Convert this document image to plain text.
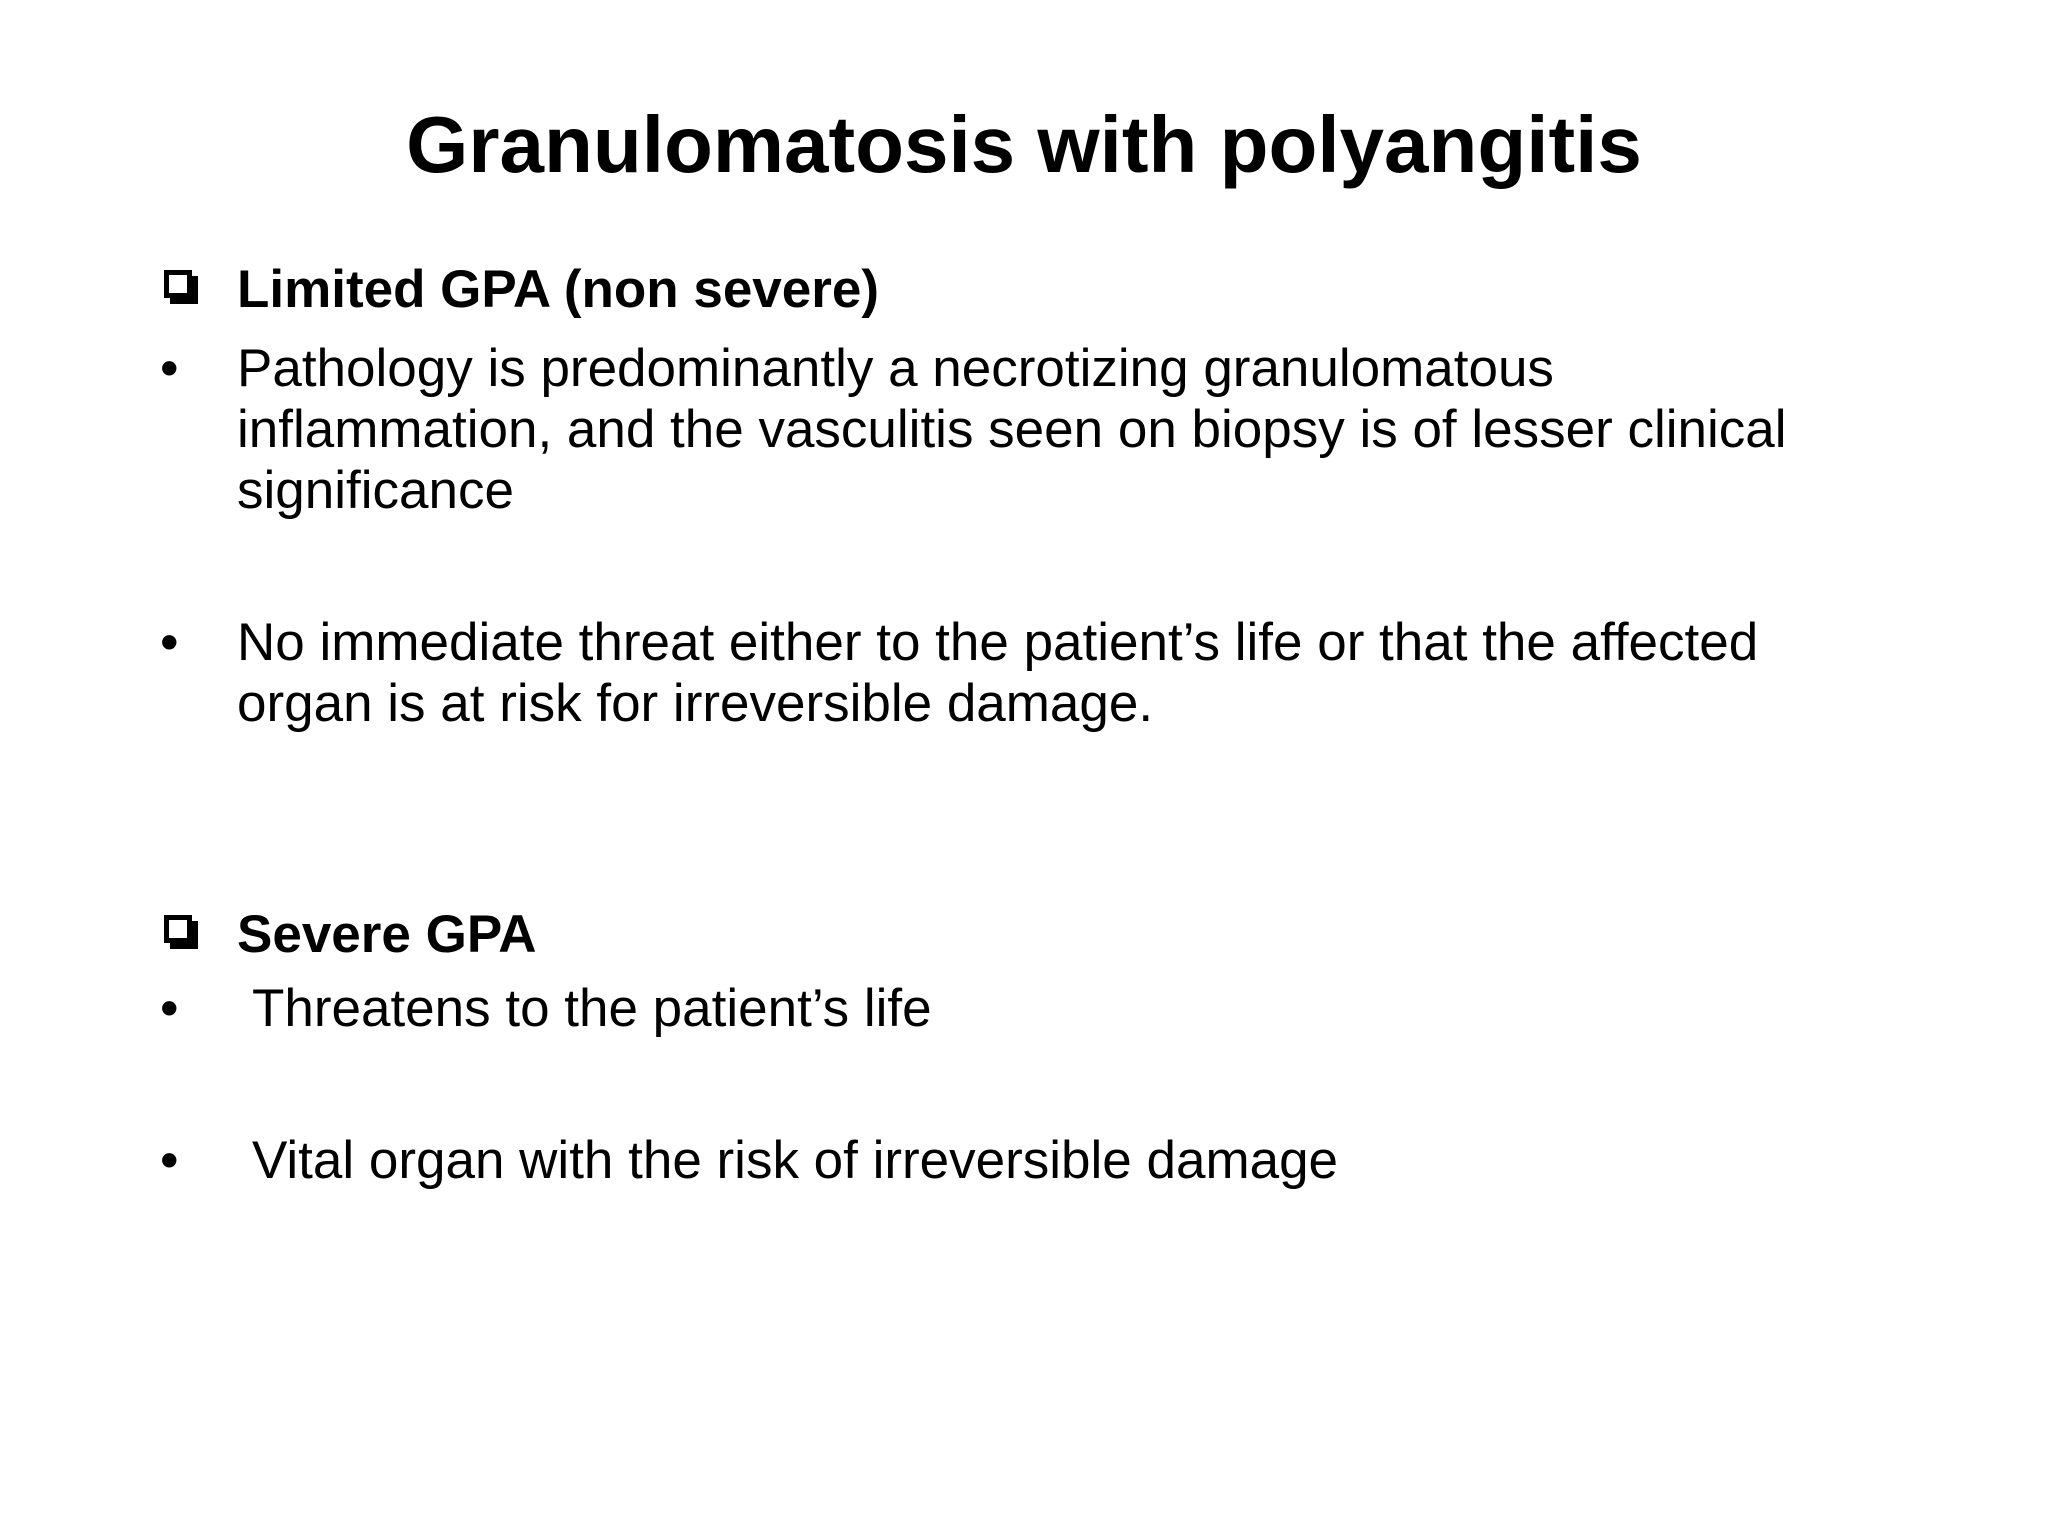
Granulomatosis with polyangitis
Limited GPA (non severe)
• Pathology is predominantly a necrotizing granulomatous inflammation, and the vasculitis seen on biopsy is of lesser clinical significance
• No immediate threat either to the patient’s life or that the affected organ is at risk for irreversible damage.
Severe GPA
• Threatens to the patient’s life
• Vital organ with the risk of irreversible damage
